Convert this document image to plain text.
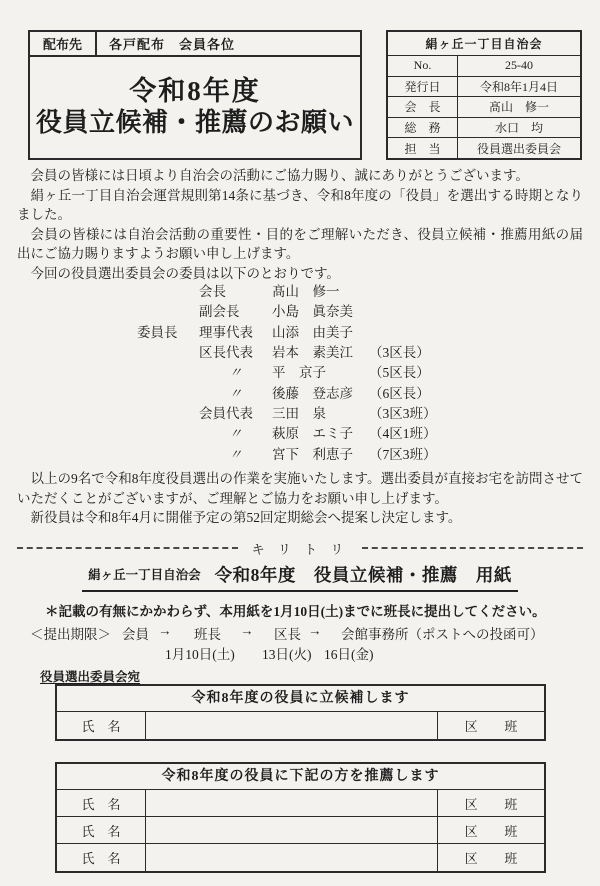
配布先	各戸配布　会員各位
令和8年度
役員立候補・推薦のお願い
絹ヶ丘一丁目自治会
No.	25-40
発行日	令和8年1月4日
会　長	髙山　修一
総　務	水口　均
担　当	役員選出委員会

会員の皆様には日頃より自治会の活動にご協力賜り、誠にありがとうございます。

絹ヶ丘一丁目自治会運営規則第14条に基づき、令和8年度の「役員」を選出する時期となりました。

会員の皆様には自治会活動の重要性・目的をご理解いただき、役員立候補・推薦用紙の届出にご協力賜りますようお願い申し上げます。

今回の役員選出委員会の委員は以下のとおりです。

会長	髙山　修一
副会長	小島　眞奈美
委員長	理事代表	山添　由美子
区長代表	岩本　素美江	（3区長）
〃	平　京子	（5区長）
〃	後藤　登志彦	（6区長）
会員代表	三田　泉	（3区3班）
〃	萩原　エミ子	（4区1班）
〃	宮下　利恵子	（7区3班）

以上の9名で令和8年度役員選出の作業を実施いたします。選出委員が直接お宅を訪問させていただくことがございますが、ご理解とご協力をお願い申し上げます。

新役員は令和8年4月に開催予定の第52回定期総会へ提案し決定します。

キ リ ト リ
絹ヶ丘一丁目自治会 令和8年度　役員立候補・推薦　用紙
＊記載の有無にかかわらず、本用紙を1月10日(土)までに班長に提出してください。
＜提出期限＞ 会員 → 班長 → 区長 → 会館事務所（ポストへの投函可）
1月10日(土) 13日(火) 16日(金)
役員選出委員会宛
令和8年度の役員に立候補します
氏　名	区 班
令和8年度の役員に下記の方を推薦します
氏　名	区 班
氏　名	区 班
氏　名	区 班
